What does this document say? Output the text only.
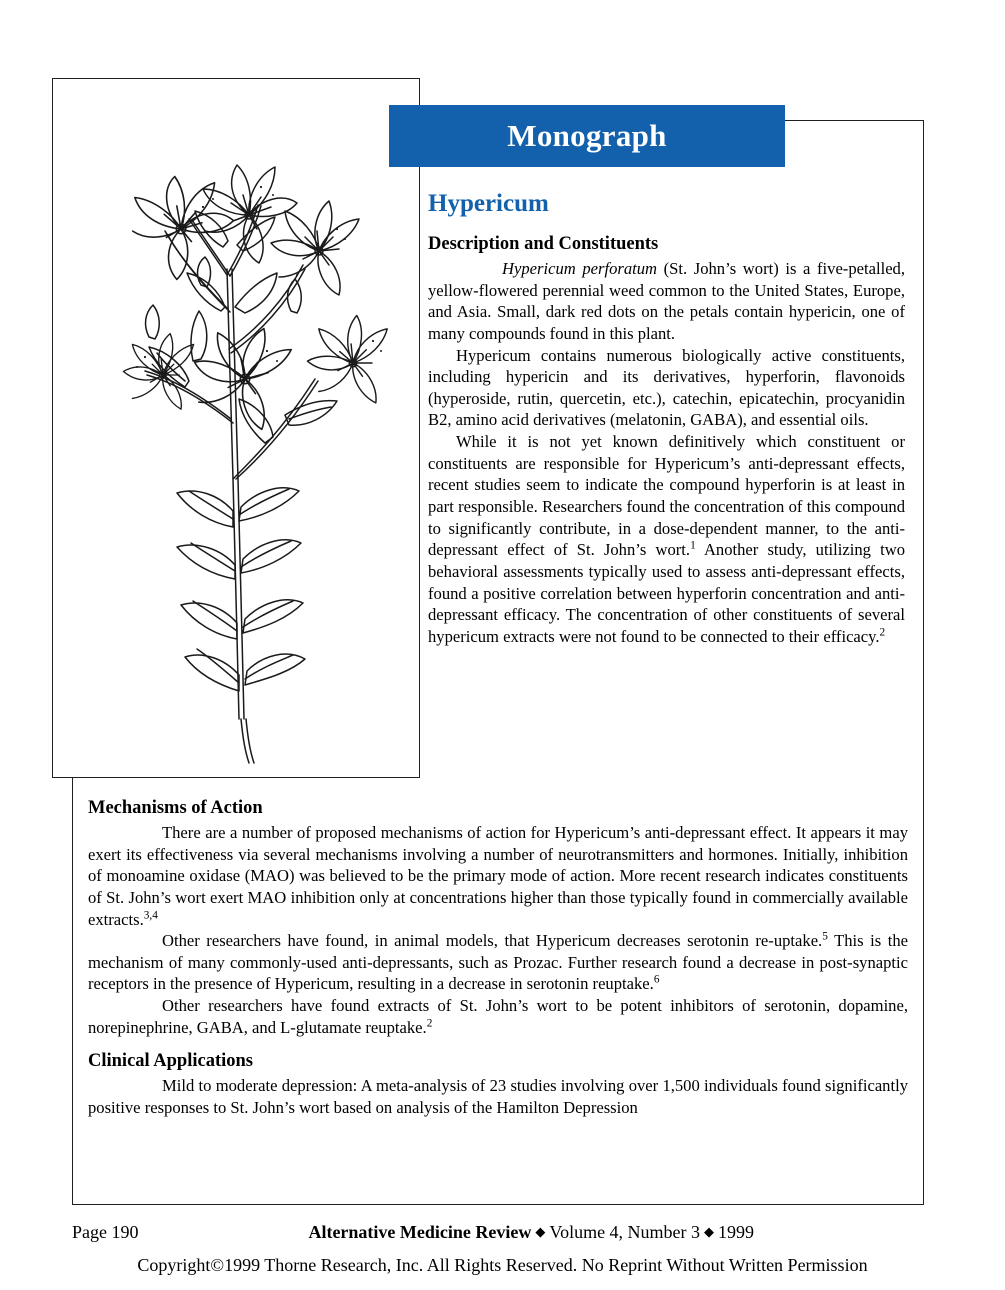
Monograph
Hypericum
Description and Constituents

Hypericum perforatum (St. John’s wort) is a five-petalled, yellow-flowered perennial weed common to the United States, Europe, and Asia. Small, dark red dots on the petals contain hypericin, one of many compounds found in this plant.

Hypericum contains numerous biologically active constituents, including hypericin and its derivatives, hyperforin, flavonoids (hyperoside, rutin, quercetin, etc.), catechin, epicatechin, procyanidin B2, amino acid derivatives (melatonin, GABA), and essential oils.

While it is not yet known definitively which constituent or constituents are responsible for Hypericum’s anti-depressant effects, recent studies seem to indicate the compound hyperforin is at least in part responsible. Researchers found the concentration of this compound to significantly contribute, in a dose-dependent manner, to the anti-depressant effect of St. John’s wort.$^1$ Another study, utilizing two behavioral assessments typically used to assess anti-depressant effects, found a positive correlation between hyperforin concentration and anti-depressant efficacy. The concentration of other constituents of several hypericum extracts were not found to be connected to their efficacy.$^2$

Mechanisms of Action

There are a number of proposed mechanisms of action for Hypericum’s anti-depressant effect. It appears it may exert its effectiveness via several mechanisms involving a number of neurotransmitters and hormones. Initially, inhibition of monoamine oxidase (MAO) was believed to be the primary mode of action. More recent research indicates constituents of St. John’s wort exert MAO inhibition only at concentrations higher than those typically found in commercially available extracts.$^{3,4}$

Other researchers have found, in animal models, that Hypericum decreases serotonin re-uptake.$^5$ This is the mechanism of many commonly-used anti-depressants, such as Prozac. Further research found a decrease in post-synaptic receptors in the presence of Hypericum, resulting in a decrease in serotonin reuptake.$^6$

Other researchers have found extracts of St. John’s wort to be potent inhibitors of serotonin, dopamine, norepinephrine, GABA, and L-glutamate reuptake.$^2$

Clinical Applications

Mild to moderate depression: A meta-analysis of 23 studies involving over 1,500 individuals found significantly positive responses to St. John’s wort based on analysis of the Hamilton Depression

Page 190	Alternative Medicine Review ◆ Volume 4, Number 3 ◆ 1999
Copyright©1999 Thorne Research, Inc. All Rights Reserved. No Reprint Without Written Permission
